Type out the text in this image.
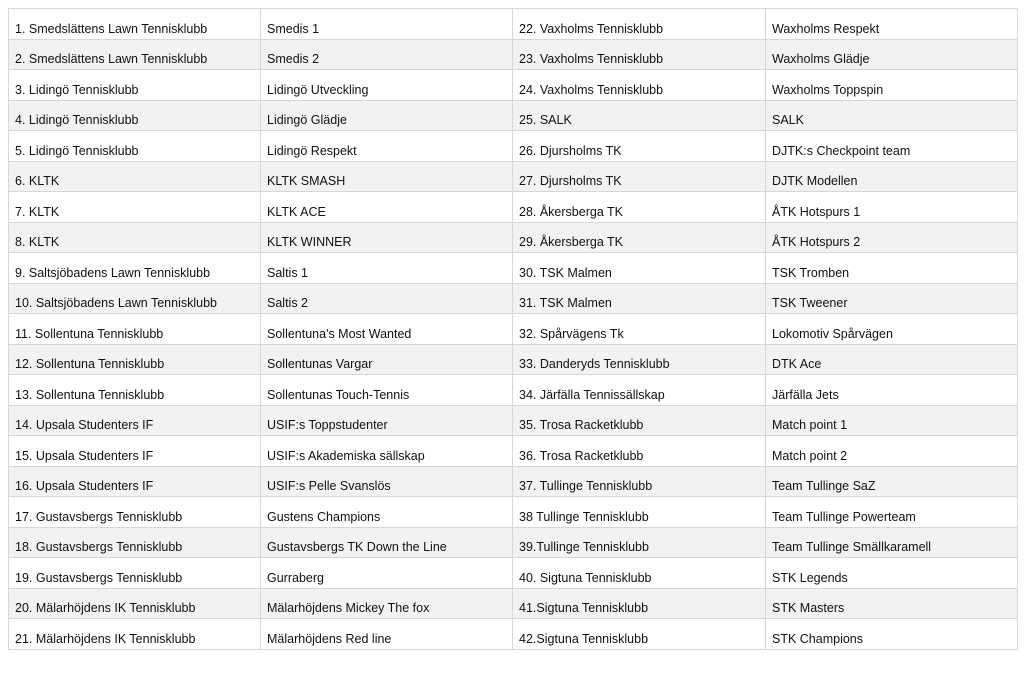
1. Smedslättens Lawn Tennisklubb	Smedis 1	22. Vaxholms Tennisklubb	Waxholms Respekt

2. Smedslättens Lawn Tennisklubb	Smedis 2	23. Vaxholms Tennisklubb	Waxholms Glädje

3. Lidingö Tennisklubb	Lidingö Utveckling	24. Vaxholms Tennisklubb	Waxholms Toppspin

4. Lidingö Tennisklubb	Lidingö Glädje	25. SALK	SALK

5. Lidingö Tennisklubb	Lidingö Respekt	26. Djursholms TK	DJTK:s Checkpoint team

6. KLTK	KLTK SMASH	27. Djursholms TK	DJTK Modellen

7. KLTK	KLTK ACE	28. Åkersberga TK	ÅTK Hotspurs 1

8. KLTK	KLTK WINNER	29. Åkersberga TK	ÅTK Hotspurs 2

9. Saltsjöbadens Lawn Tennisklubb	Saltis 1	30. TSK Malmen	TSK Tromben

10. Saltsjöbadens Lawn Tennisklubb	Saltis 2	31. TSK Malmen	TSK Tweener

11. Sollentuna Tennisklubb	Sollentuna's Most Wanted	32. Spårvägens Tk	Lokomotiv Spårvägen

12. Sollentuna Tennisklubb	Sollentunas Vargar	33. Danderyds Tennisklubb	DTK Ace

13. Sollentuna Tennisklubb	Sollentunas Touch-Tennis	34. Järfälla Tennissällskap	Järfälla Jets

14. Upsala Studenters IF	USIF:s Toppstudenter	35. Trosa Racketklubb	Match point 1

15. Upsala Studenters IF	USIF:s Akademiska sällskap	36. Trosa Racketklubb	Match point 2

16. Upsala Studenters IF	USIF:s Pelle Svanslös	37. Tullinge Tennisklubb	Team Tullinge SaZ

17. Gustavsbergs Tennisklubb	Gustens Champions	38 Tullinge Tennisklubb	Team Tullinge Powerteam

18. Gustavsbergs Tennisklubb	Gustavsbergs TK Down the Line	39.Tullinge Tennisklubb	Team Tullinge Smällkaramell

19. Gustavsbergs Tennisklubb	Gurraberg	40. Sigtuna Tennisklubb	STK Legends

20. Mälarhöjdens IK Tennisklubb	Mälarhöjdens Mickey The fox	41.Sigtuna Tennisklubb	STK Masters

21. Mälarhöjdens IK Tennisklubb	Mälarhöjdens Red line	42.Sigtuna Tennisklubb	STK Champions
